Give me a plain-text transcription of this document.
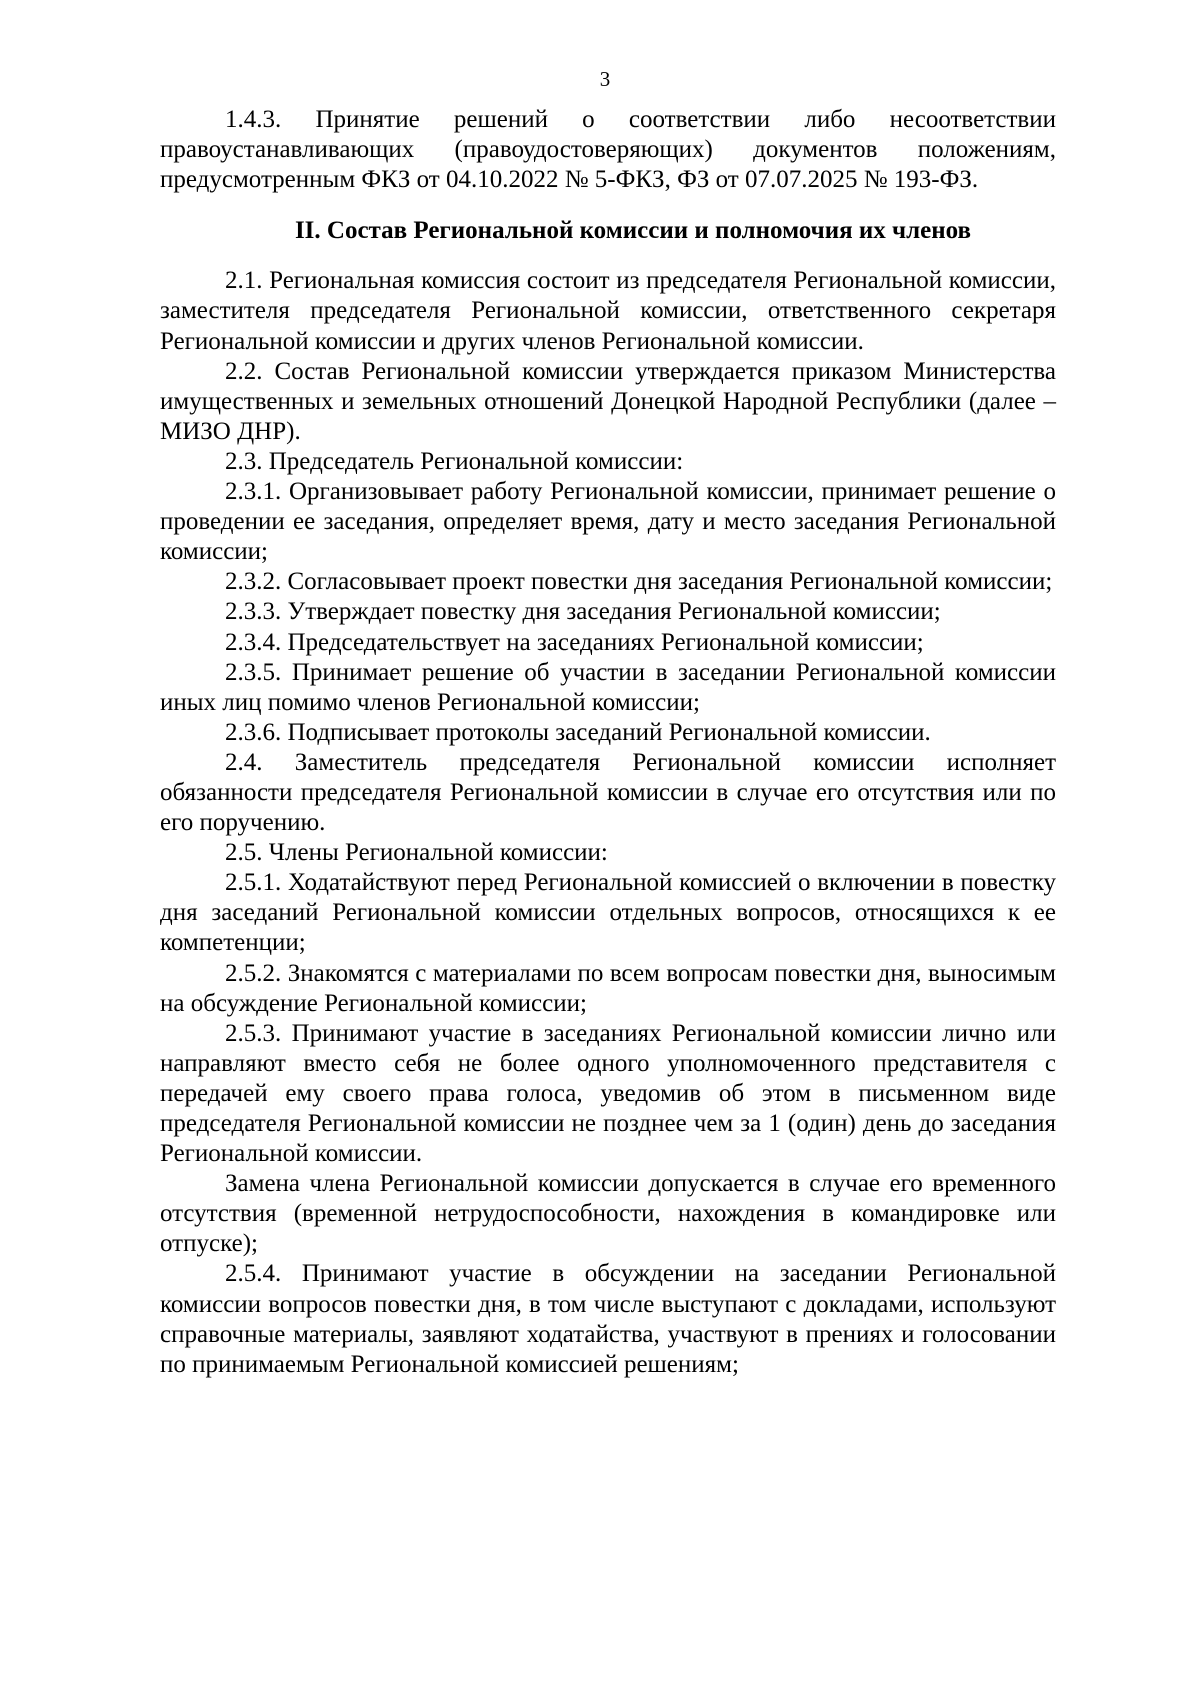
3

1.4.3. Принятие решений о соответствии либо несоответствии правоустанавливающих (правоудостоверяющих) документов положениям, предусмотренным ФКЗ от 04.10.2022 № 5-ФКЗ, ФЗ от 07.07.2025 № 193-ФЗ.

II. Состав Региональной комиссии и полномочия их членов

2.1. Региональная комиссия состоит из председателя Региональной комиссии, заместителя председателя Региональной комиссии, ответственного секретаря Региональной комиссии и других членов Региональной комиссии.

2.2. Состав Региональной комиссии утверждается приказом Министерства имущественных и земельных отношений Донецкой Народной Республики (далее – МИЗО ДНР).

2.3. Председатель Региональной комиссии:

2.3.1. Организовывает работу Региональной комиссии, принимает решение о проведении ее заседания, определяет время, дату и место заседания Региональной комиссии;

2.3.2. Согласовывает проект повестки дня заседания Региональной комиссии;

2.3.3. Утверждает повестку дня заседания Региональной комиссии;

2.3.4. Председательствует на заседаниях Региональной комиссии;

2.3.5. Принимает решение об участии в заседании Региональной комиссии иных лиц помимо членов Региональной комиссии;

2.3.6. Подписывает протоколы заседаний Региональной комиссии.

2.4. Заместитель председателя Региональной комиссии исполняет обязанности председателя Региональной комиссии в случае его отсутствия или по его поручению.

2.5. Члены Региональной комиссии:

2.5.1. Ходатайствуют перед Региональной комиссией о включении в повестку дня заседаний Региональной комиссии отдельных вопросов, относящихся к ее компетенции;

2.5.2. Знакомятся с материалами по всем вопросам повестки дня, выносимым на обсуждение Региональной комиссии;

2.5.3. Принимают участие в заседаниях Региональной комиссии лично или направляют вместо себя не более одного уполномоченного представителя с передачей ему своего права голоса, уведомив об этом в письменном виде председателя Региональной комиссии не позднее чем за 1 (один) день до заседания Региональной комиссии.

Замена члена Региональной комиссии допускается в случае его временного отсутствия (временной нетрудоспособности, нахождения в командировке или отпуске);

2.5.4. Принимают участие в обсуждении на заседании Региональной комиссии вопросов повестки дня, в том числе выступают с докладами, используют справочные материалы, заявляют ходатайства, участвуют в прениях и голосовании по принимаемым Региональной комиссией решениям;
